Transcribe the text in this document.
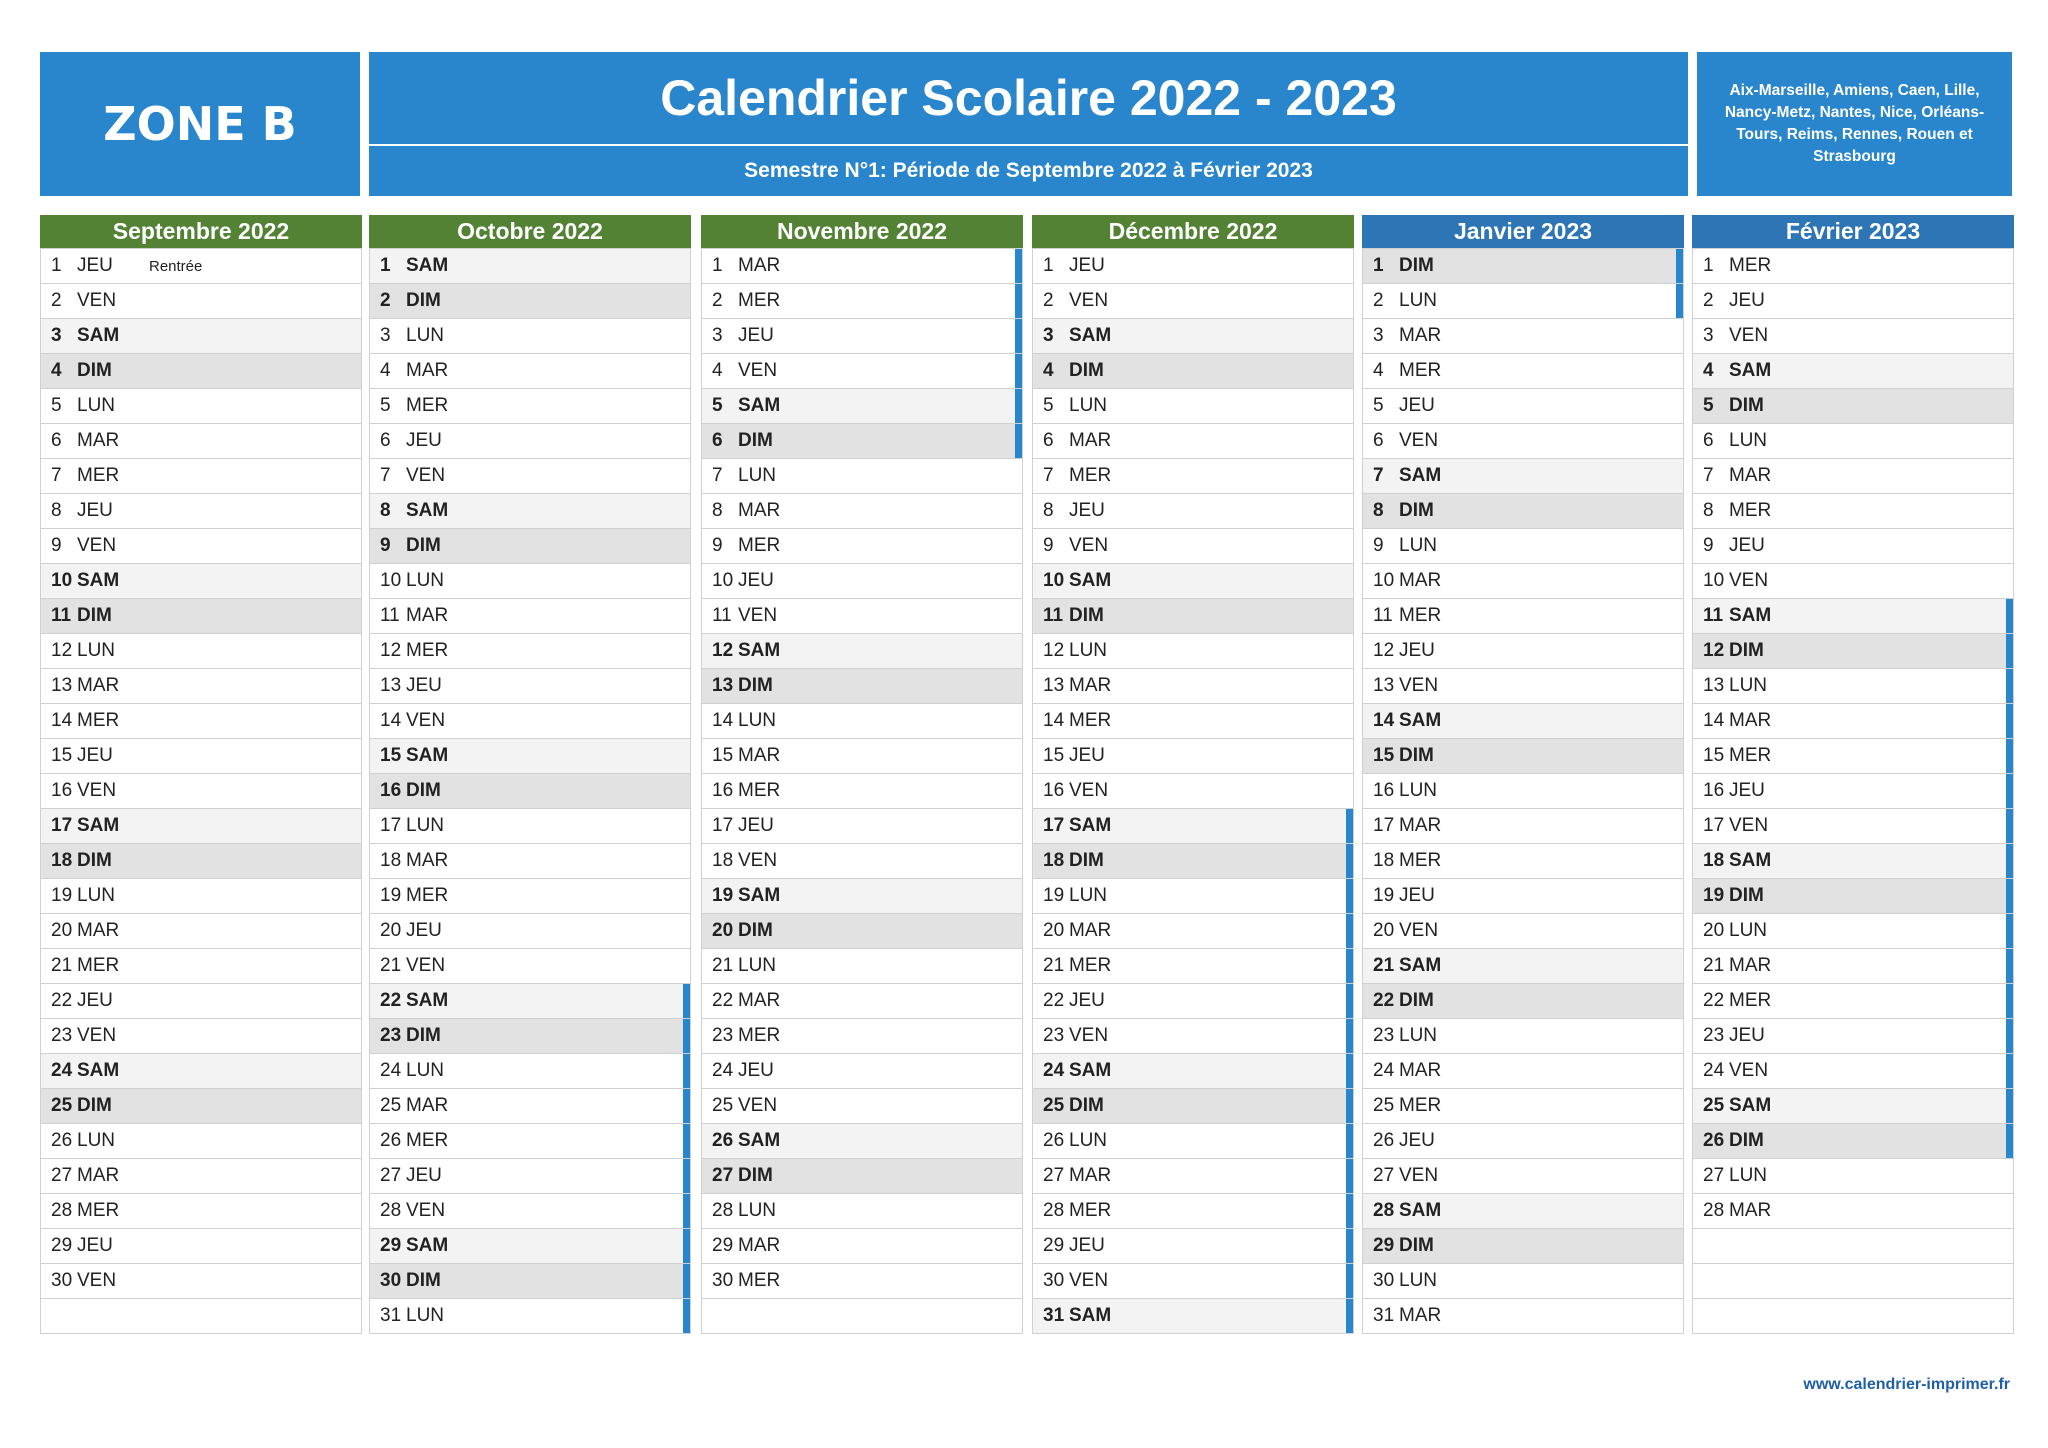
ZONE B	Calendrier Scolaire 2022 - 2023
Semestre N°1: Période de Septembre 2022 à Février 2023
Aix-Marseille, Amiens, Caen, Lille, Nancy-Metz, Nantes, Nice, Orléans-Tours, Reims, Rennes, Rouen et Strasbourg
Septembre 2022
1 JEU	Rentrée
2 VEN
3 SAM
4 DIM
5 LUN
6 MAR
7 MER
8 JEU
9 VEN
10 SAM
11 DIM
12 LUN
13 MAR
14 MER
15 JEU
16 VEN
17 SAM
18 DIM
19 LUN
20 MAR
21 MER
22 JEU
23 VEN
24 SAM
25 DIM
26 LUN
27 MAR
28 MER
29 JEU
30 VEN
Octobre 2022
1 SAM
2 DIM
3 LUN
4 MAR
5 MER
6 JEU
7 VEN
8 SAM
9 DIM
10 LUN
11 MAR
12 MER
13 JEU
14 VEN
15 SAM
16 DIM
17 LUN
18 MAR
19 MER
20 JEU
21 VEN
22 SAM
23 DIM
24 LUN
25 MAR
26 MER
27 JEU
28 VEN
29 SAM
30 DIM
31 LUN
Novembre 2022
1 MAR
2 MER
3 JEU
4 VEN
5 SAM
6 DIM
7 LUN
8 MAR
9 MER
10 JEU
11 VEN
12 SAM
13 DIM
14 LUN
15 MAR
16 MER
17 JEU
18 VEN
19 SAM
20 DIM
21 LUN
22 MAR
23 MER
24 JEU
25 VEN
26 SAM
27 DIM
28 LUN
29 MAR
30 MER
Décembre 2022
1 JEU
2 VEN
3 SAM
4 DIM
5 LUN
6 MAR
7 MER
8 JEU
9 VEN
10 SAM
11 DIM
12 LUN
13 MAR
14 MER
15 JEU
16 VEN
17 SAM
18 DIM
19 LUN
20 MAR
21 MER
22 JEU
23 VEN
24 SAM
25 DIM
26 LUN
27 MAR
28 MER
29 JEU
30 VEN
31 SAM
Janvier 2023
1 DIM
2 LUN
3 MAR
4 MER
5 JEU
6 VEN
7 SAM
8 DIM
9 LUN
10 MAR
11 MER
12 JEU
13 VEN
14 SAM
15 DIM
16 LUN
17 MAR
18 MER
19 JEU
20 VEN
21 SAM
22 DIM
23 LUN
24 MAR
25 MER
26 JEU
27 VEN
28 SAM
29 DIM
30 LUN
31 MAR
Février 2023
1 MER
2 JEU
3 VEN
4 SAM
5 DIM
6 LUN
7 MAR
8 MER
9 JEU
10 VEN
11 SAM
12 DIM
13 LUN
14 MAR
15 MER
16 JEU
17 VEN
18 SAM
19 DIM
20 LUN
21 MAR
22 MER
23 JEU
24 VEN
25 SAM
26 DIM
27 LUN
28 MAR
www.calendrier-imprimer.fr
